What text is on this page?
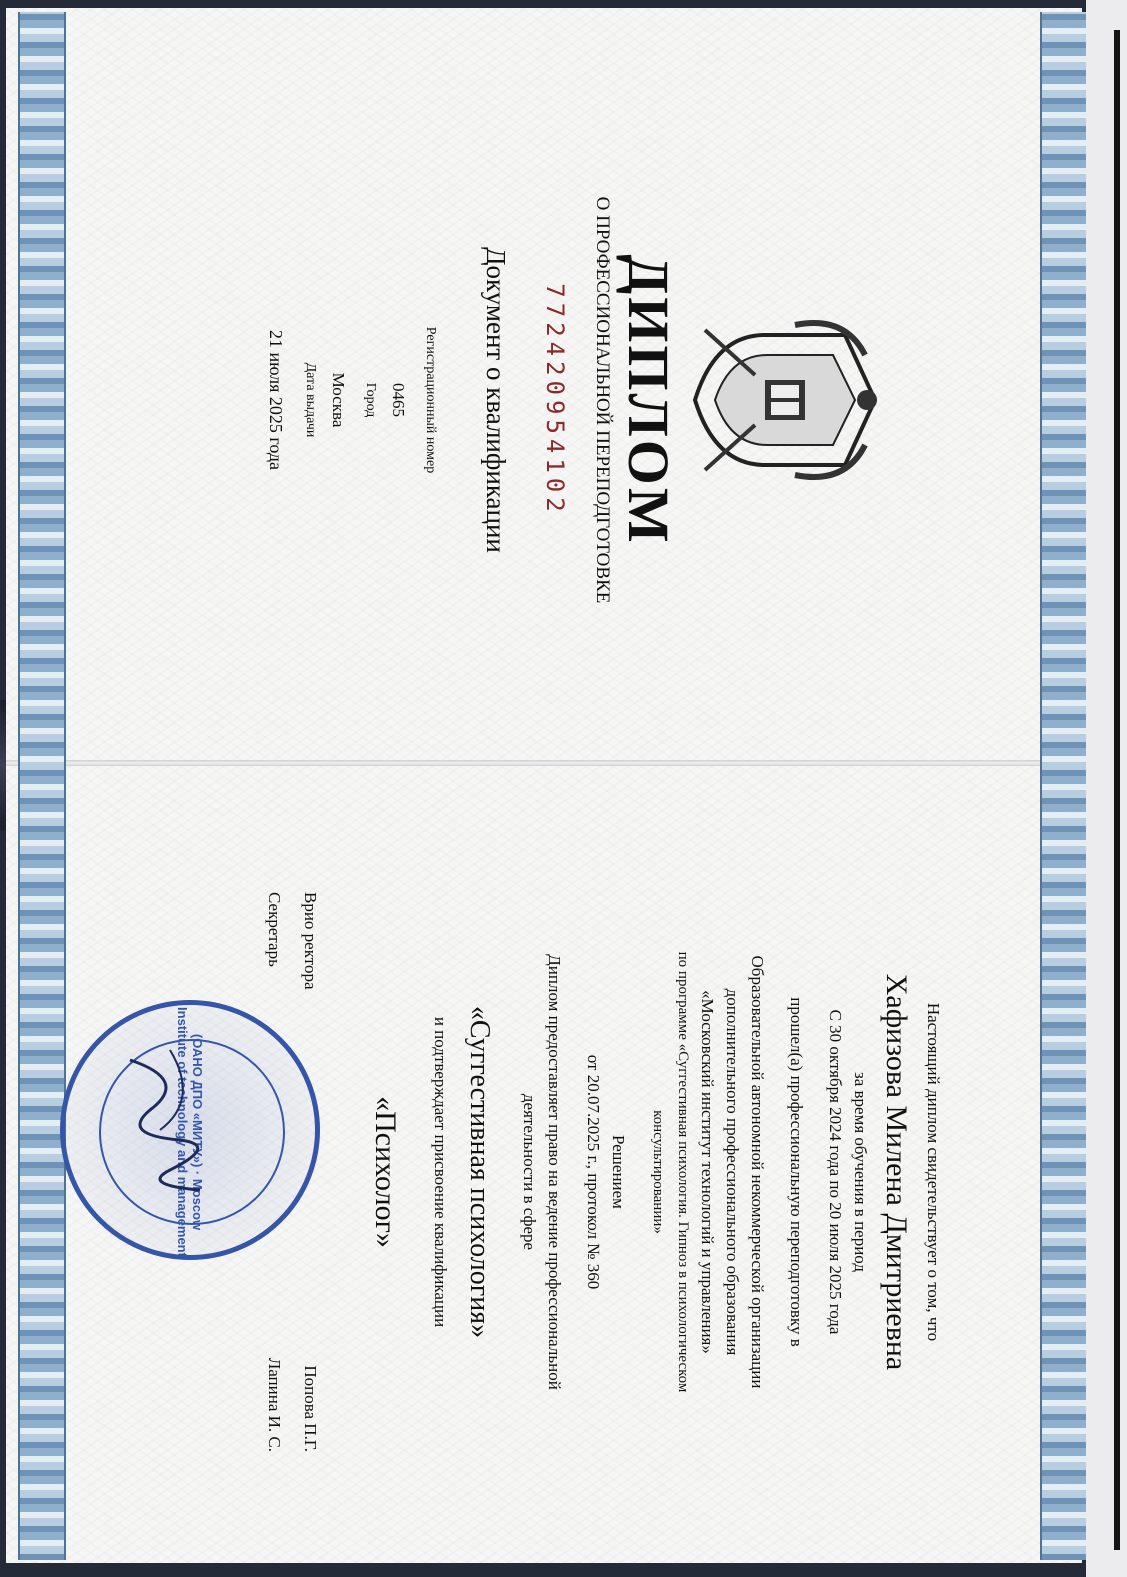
ДИПЛОМ
О ПРОФЕССИОНАЛЬНОЙ ПЕРЕПОДГОТОВКЕ
772420954102
Документ о квалификации
Регистрационный номер
0465
Город
Москва
Дата выдачи
21 июля 2025 года
Настоящий диплом свидетельствует о том, что
Хафизова Милена Дмитриевна
за время обучения в период
С 30 октября 2024 года по 20 июля 2025 года
прошел(а) профессиональную переподготовку в
Образовательной автономной некоммерческой организации
дополнительного профессионального образования
«Московский институт технологий и управления»
по программе «Суггестивная психология. Гипноз в психологическом
консультировании»
Решением
от 20.07.2025 г., протокол № 360
Диплом предоставляет право на ведение профессиональной
деятельности в сфере
«Суггестивная психология»
и подтверждает присвоение квалификации
«Психолог»
Врио ректора
Попова П.Г.
Секретарь
Лапина И. С.
(ОАНО ДПО «МИТУ») · Moscow Institute of technology and management
